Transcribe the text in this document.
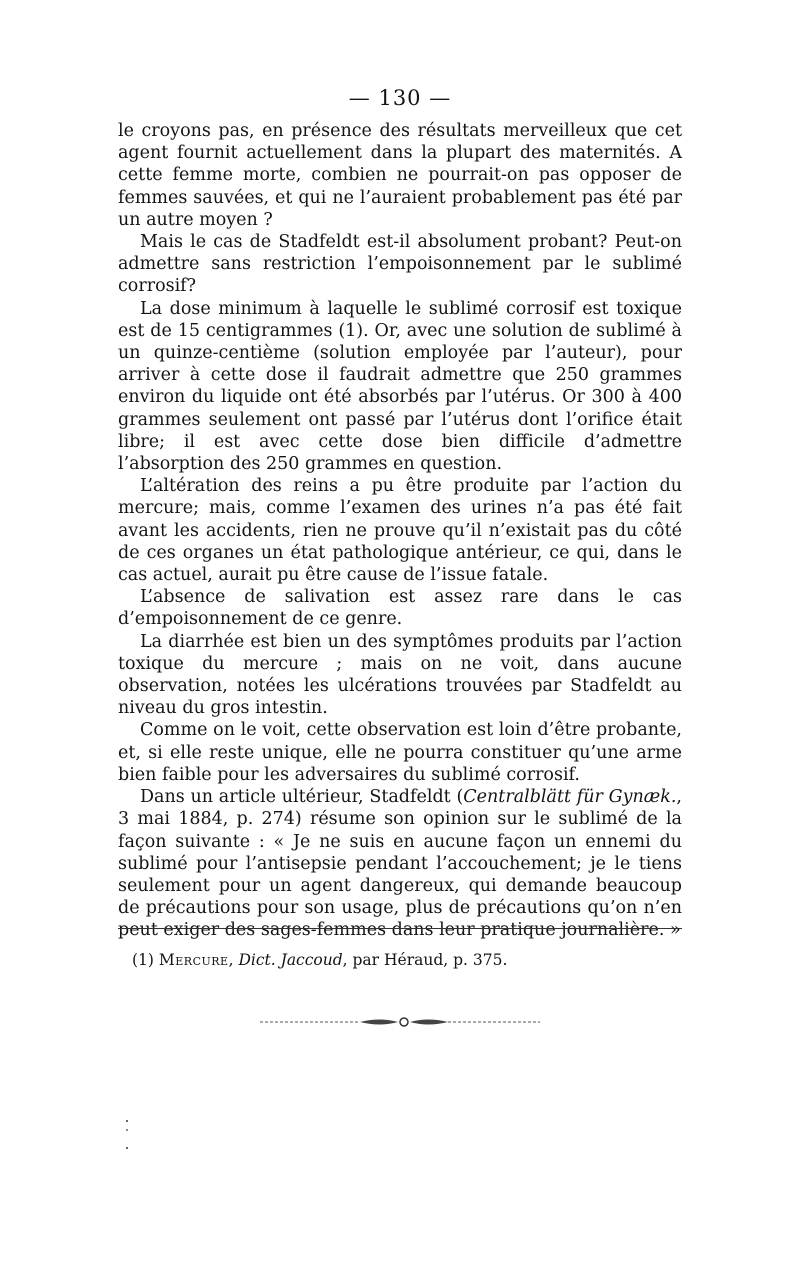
— 130 —

le croyons pas, en présence des résultats merveilleux que cet agent fournit actuellement dans la plupart des maternités. A cette femme morte, combien ne pourrait-on pas opposer de femmes sauvées, et qui ne l’auraient probablement pas été par un autre moyen ?

Mais le cas de Stadfeldt est-il absolument probant? Peut-on admettre sans restriction l’empoisonnement par le sublimé corrosif?

La dose minimum à laquelle le sublimé corrosif est toxique est de 15 centigrammes (1). Or, avec une solution de sublimé à un quinze-centième (solution employée par l’auteur), pour arriver à cette dose il faudrait admettre que 250 grammes environ du liquide ont été absorbés par l’utérus. Or 300 à 400 grammes seulement ont passé par l’utérus dont l’orifice était libre; il est avec cette dose bien difficile d’admettre l’absorption des 250 grammes en question.

L’altération des reins a pu être produite par l’action du mercure; mais, comme l’examen des urines n’a pas été fait avant les accidents, rien ne prouve qu’il n’existait pas du côté de ces organes un état pathologique antérieur, ce qui, dans le cas actuel, aurait pu être cause de l’issue fatale.

L’absence de salivation est assez rare dans le cas d’empoisonnement de ce genre.

La diarrhée est bien un des symptômes produits par l’action toxique du mercure ; mais on ne voit, dans aucune observation, notées les ulcérations trouvées par Stadfeldt au niveau du gros intestin.

Comme on le voit, cette observation est loin d’être probante, et, si elle reste unique, elle ne pourra constituer qu’une arme bien faible pour les adversaires du sublimé corrosif.

Dans un article ultérieur, Stadfeldt (Centralblätt für Gynæk., 3 mai 1884, p. 274) résume son opinion sur le sublimé de la façon suivante : « Je ne suis en aucune façon un ennemi du sublimé pour l’antisepsie pendant l’accouchement; je le tiens seulement pour un agent dangereux, qui demande beaucoup de précautions pour son usage, plus de précautions qu’on n’en peut exiger des sages-femmes dans leur pratique journalière. »

(1) Mercure, Dict. Jaccoud, par Héraud, p. 375.
